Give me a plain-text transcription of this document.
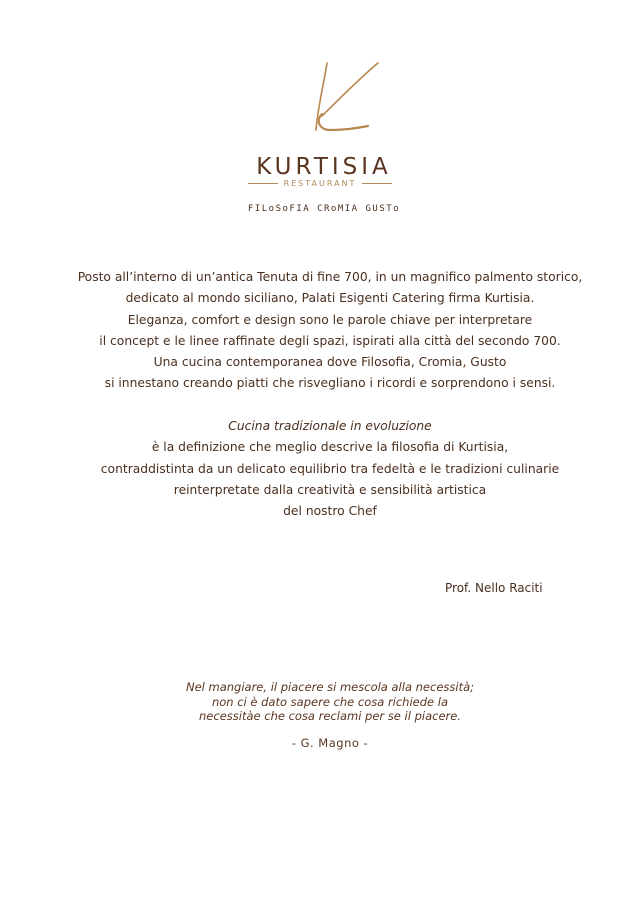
KURTISIA
RESTAURANT
FILoSoFIA CRoMIA GUSTo

Posto all’interno di un’antica Tenuta di fine 700, in un magnifico palmento storico,

dedicato al mondo siciliano, Palati Esigenti Catering firma Kurtisia.

Eleganza, comfort e design sono le parole chiave per interpretare

il concept e le linee raffinate degli spazi, ispirati alla città del secondo 700.

Una cucina contemporanea dove Filosofia, Cromia, Gusto

si innestano creando piatti che risvegliano i ricordi e sorprendono i sensi.

Cucina tradizionale in evoluzione

è la definizione che meglio descrive la filosofia di Kurtisia,

contraddistinta da un delicato equilibrio tra fedeltà e le tradizioni culinarie

reinterpretate dalla creatività e sensibilità artistica

del nostro Chef

Prof. Nello Raciti

Nel mangiare, il piacere si mescola alla necessità;

non ci è dato sapere che cosa richiede la

necessitàe che cosa reclami per se il piacere.

- G. Magno -
